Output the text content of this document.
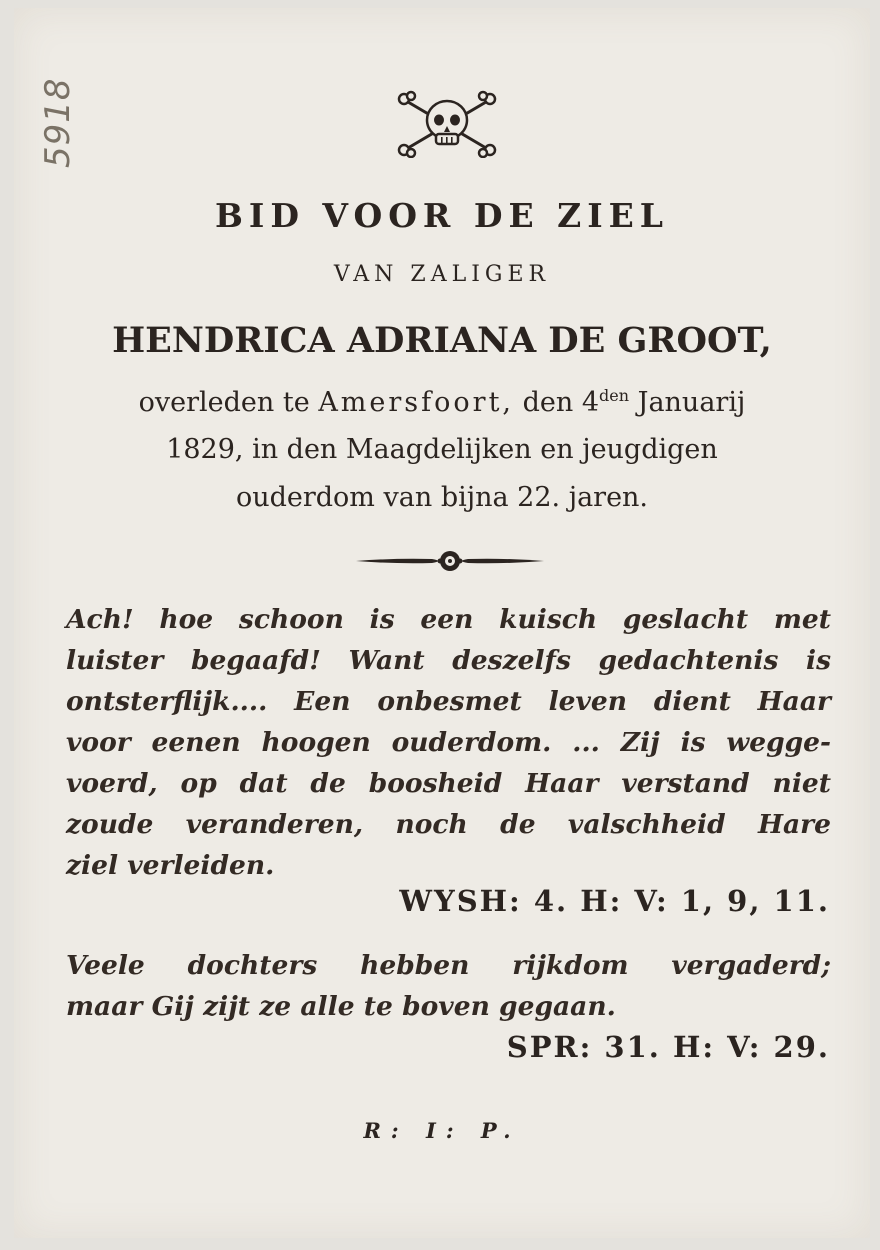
5918
BID VOOR DE ZIEL
VAN ZALIGER
HENDRICA ADRIANA DE GROOT,
overleden te Amersfoort, den $4^{den}$ Januarij
1829, in den Maagdelijken en jeugdigen
ouderdom van bijna 22. jaren.
Ach! hoe schoon is een kuisch geslacht met
luister begaafd! Want deszelfs gedachtenis is
ontsterflijk.... Een onbesmet leven dient Haar
voor eenen hoogen ouderdom. ... Zij is wegge-
voerd, op dat de boosheid Haar verstand niet
zoude veranderen, noch de valschheid Hare
ziel verleiden.
WYSH: 4. H: V: 1, 9, 11.
Veele dochters hebben rijkdom vergaderd;
maar Gij zijt ze alle te boven gegaan.
SPR: 31. H: V: 29.
R: I: P.
